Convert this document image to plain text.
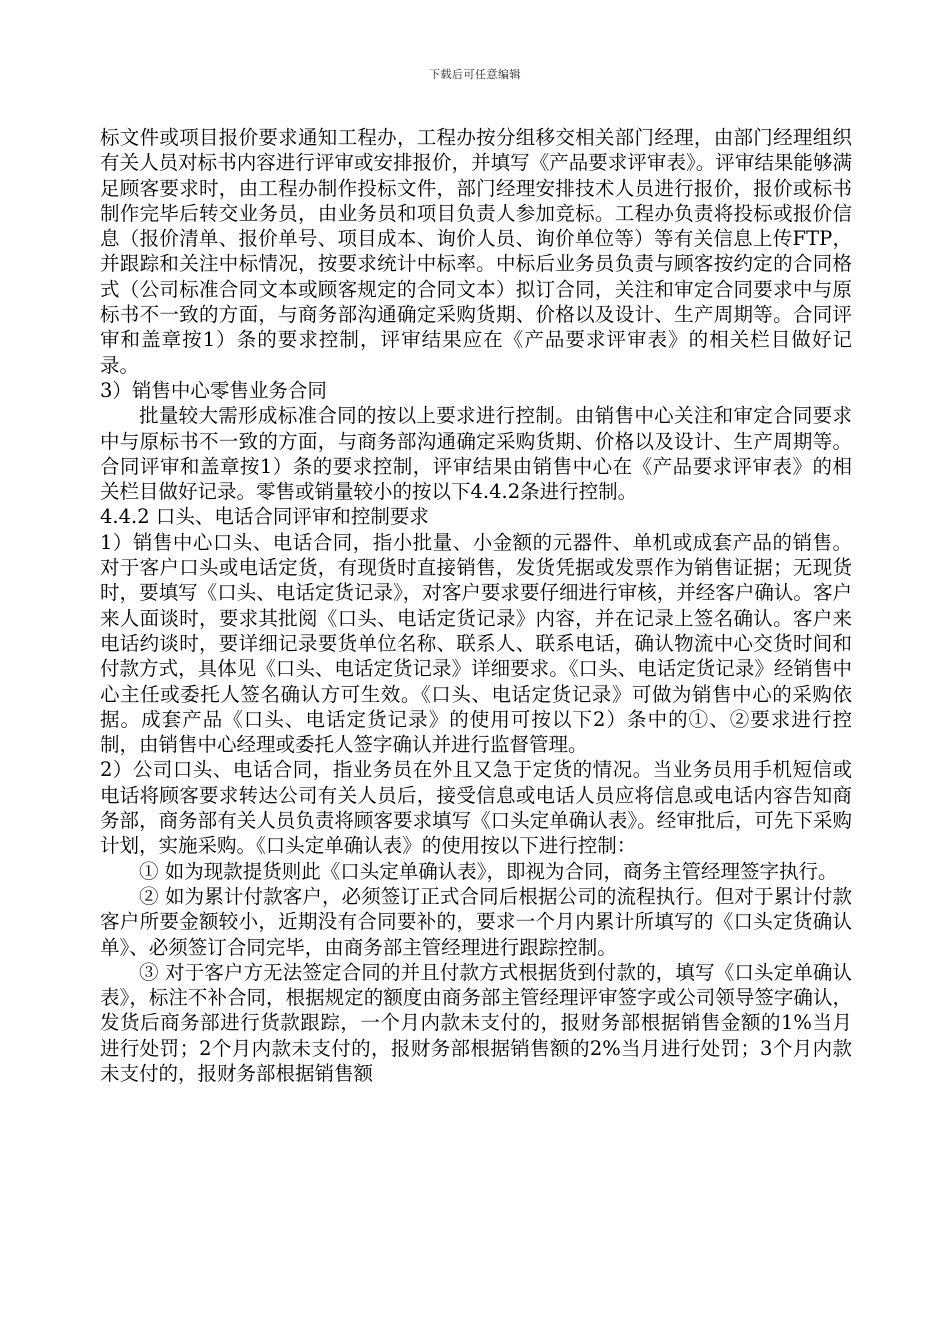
下载后可任意编辑

标文件或项目报价要求通知工程办，工程办按分组移交相关部门经理，由部门经理组织有关人员对标书内容进行评审或安排报价，并填写《产品要求评审表》。评审结果能够满足顾客要求时，由工程办制作投标文件，部门经理安排技术人员进行报价，报价或标书制作完毕后转交业务员，由业务员和项目负责人参加竞标。工程办负责将投标或报价信息（报价清单、报价单号、项目成本、询价人员、询价单位等）等有关信息上传FTP，并跟踪和关注中标情况，按要求统计中标率。中标后业务员负责与顾客按约定的合同格式（公司标准合同文本或顾客规定的合同文本）拟订合同，关注和审定合同要求中与原标书不一致的方面，与商务部沟通确定采购货期、价格以及设计、生产周期等。合同评审和盖章按1）条的要求控制，评审结果应在《产品要求评审表》的相关栏目做好记录。

3）销售中心零售业务合同

批量较大需形成标准合同的按以上要求进行控制。由销售中心关注和审定合同要求中与原标书不一致的方面，与商务部沟通确定采购货期、价格以及设计、生产周期等。合同评审和盖章按1）条的要求控制，评审结果由销售中心在《产品要求评审表》的相关栏目做好记录。零售或销量较小的按以下4.4.2条进行控制。

4.4.2 口头、电话合同评审和控制要求

1）销售中心口头、电话合同，指小批量、小金额的元器件、单机或成套产品的销售。对于客户口头或电话定货，有现货时直接销售，发货凭据或发票作为销售证据；无现货时，要填写《口头、电话定货记录》，对客户要求要仔细进行审核，并经客户确认。客户来人面谈时，要求其批阅《口头、电话定货记录》内容，并在记录上签名确认。客户来电话约谈时，要详细记录要货单位名称、联系人、联系电话，确认物流中心交货时间和付款方式，具体见《口头、电话定货记录》详细要求。《口头、电话定货记录》经销售中心主任或委托人签名确认方可生效。《口头、电话定货记录》可做为销售中心的采购依据。成套产品《口头、电话定货记录》的使用可按以下2）条中的①、②要求进行控制，由销售中心经理或委托人签字确认并进行监督管理。

2）公司口头、电话合同，指业务员在外且又急于定货的情况。当业务员用手机短信或电话将顾客要求转达公司有关人员后，接受信息或电话人员应将信息或电话内容告知商务部，商务部有关人员负责将顾客要求填写《口头定单确认表》。经审批后，可先下采购计划，实施采购。《口头定单确认表》的使用按以下进行控制：

① 如为现款提货则此《口头定单确认表》，即视为合同，商务主管经理签字执行。

② 如为累计付款客户，必须签订正式合同后根据公司的流程执行。但对于累计付款客户所要金额较小，近期没有合同要补的，要求一个月内累计所填写的《口头定货确认单》、必须签订合同完毕，由商务部主管经理进行跟踪控制。

③ 对于客户方无法签定合同的并且付款方式根据货到付款的，填写《口头定单确认表》，标注不补合同，根据规定的额度由商务部主管经理评审签字或公司领导签字确认，发货后商务部进行货款跟踪，一个月内款未支付的，报财务部根据销售金额的1%当月进行处罚；2个月内款未支付的，报财务部根据销售额的2%当月进行处罚；3个月内款未支付的，报财务部根据销售额
